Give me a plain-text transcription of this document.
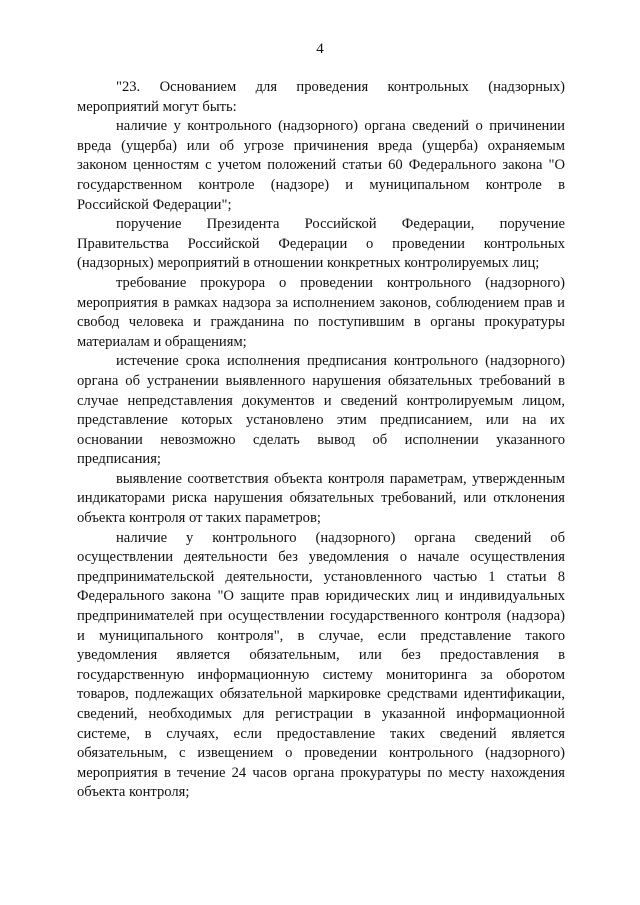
4

"23. Основанием для проведения контрольных (надзорных) мероприятий могут быть:

наличие у контрольного (надзорного) органа сведений о причинении вреда (ущерба) или об угрозе причинения вреда (ущерба) охраняемым законом ценностям с учетом положений статьи 60 Федерального закона "О государственном контроле (надзоре) и муниципальном контроле в Российской Федерации";

поручение Президента Российской Федерации, поручение Правительства Российской Федерации о проведении контрольных (надзорных) мероприятий в отношении конкретных контролируемых лиц;

требование прокурора о проведении контрольного (надзорного) мероприятия в рамках надзора за исполнением законов, соблюдением прав и свобод человека и гражданина по поступившим в органы прокуратуры материалам и обращениям;

истечение срока исполнения предписания контрольного (надзорного) органа об устранении выявленного нарушения обязательных требований в случае непредставления документов и сведений контролируемым лицом, представление которых установлено этим предписанием, или на их основании невозможно сделать вывод об исполнении указанного предписания;

выявление соответствия объекта контроля параметрам, утвержденным индикаторами риска нарушения обязательных требований, или отклонения объекта контроля от таких параметров;

наличие у контрольного (надзорного) органа сведений об осуществлении деятельности без уведомления о начале осуществления предпринимательской деятельности, установленного частью 1 статьи 8 Федерального закона "О защите прав юридических лиц и индивидуальных предпринимателей при осуществлении государственного контроля (надзора) и муниципального контроля", в случае, если представление такого уведомления является обязательным, или без предоставления в государственную информационную систему мониторинга за оборотом товаров, подлежащих обязательной маркировке средствами идентификации, сведений, необходимых для регистрации в указанной информационной системе, в случаях, если предоставление таких сведений является обязательным, с извещением о проведении контрольного (надзорного) мероприятия в течение 24 часов органа прокуратуры по месту нахождения объекта контроля;
